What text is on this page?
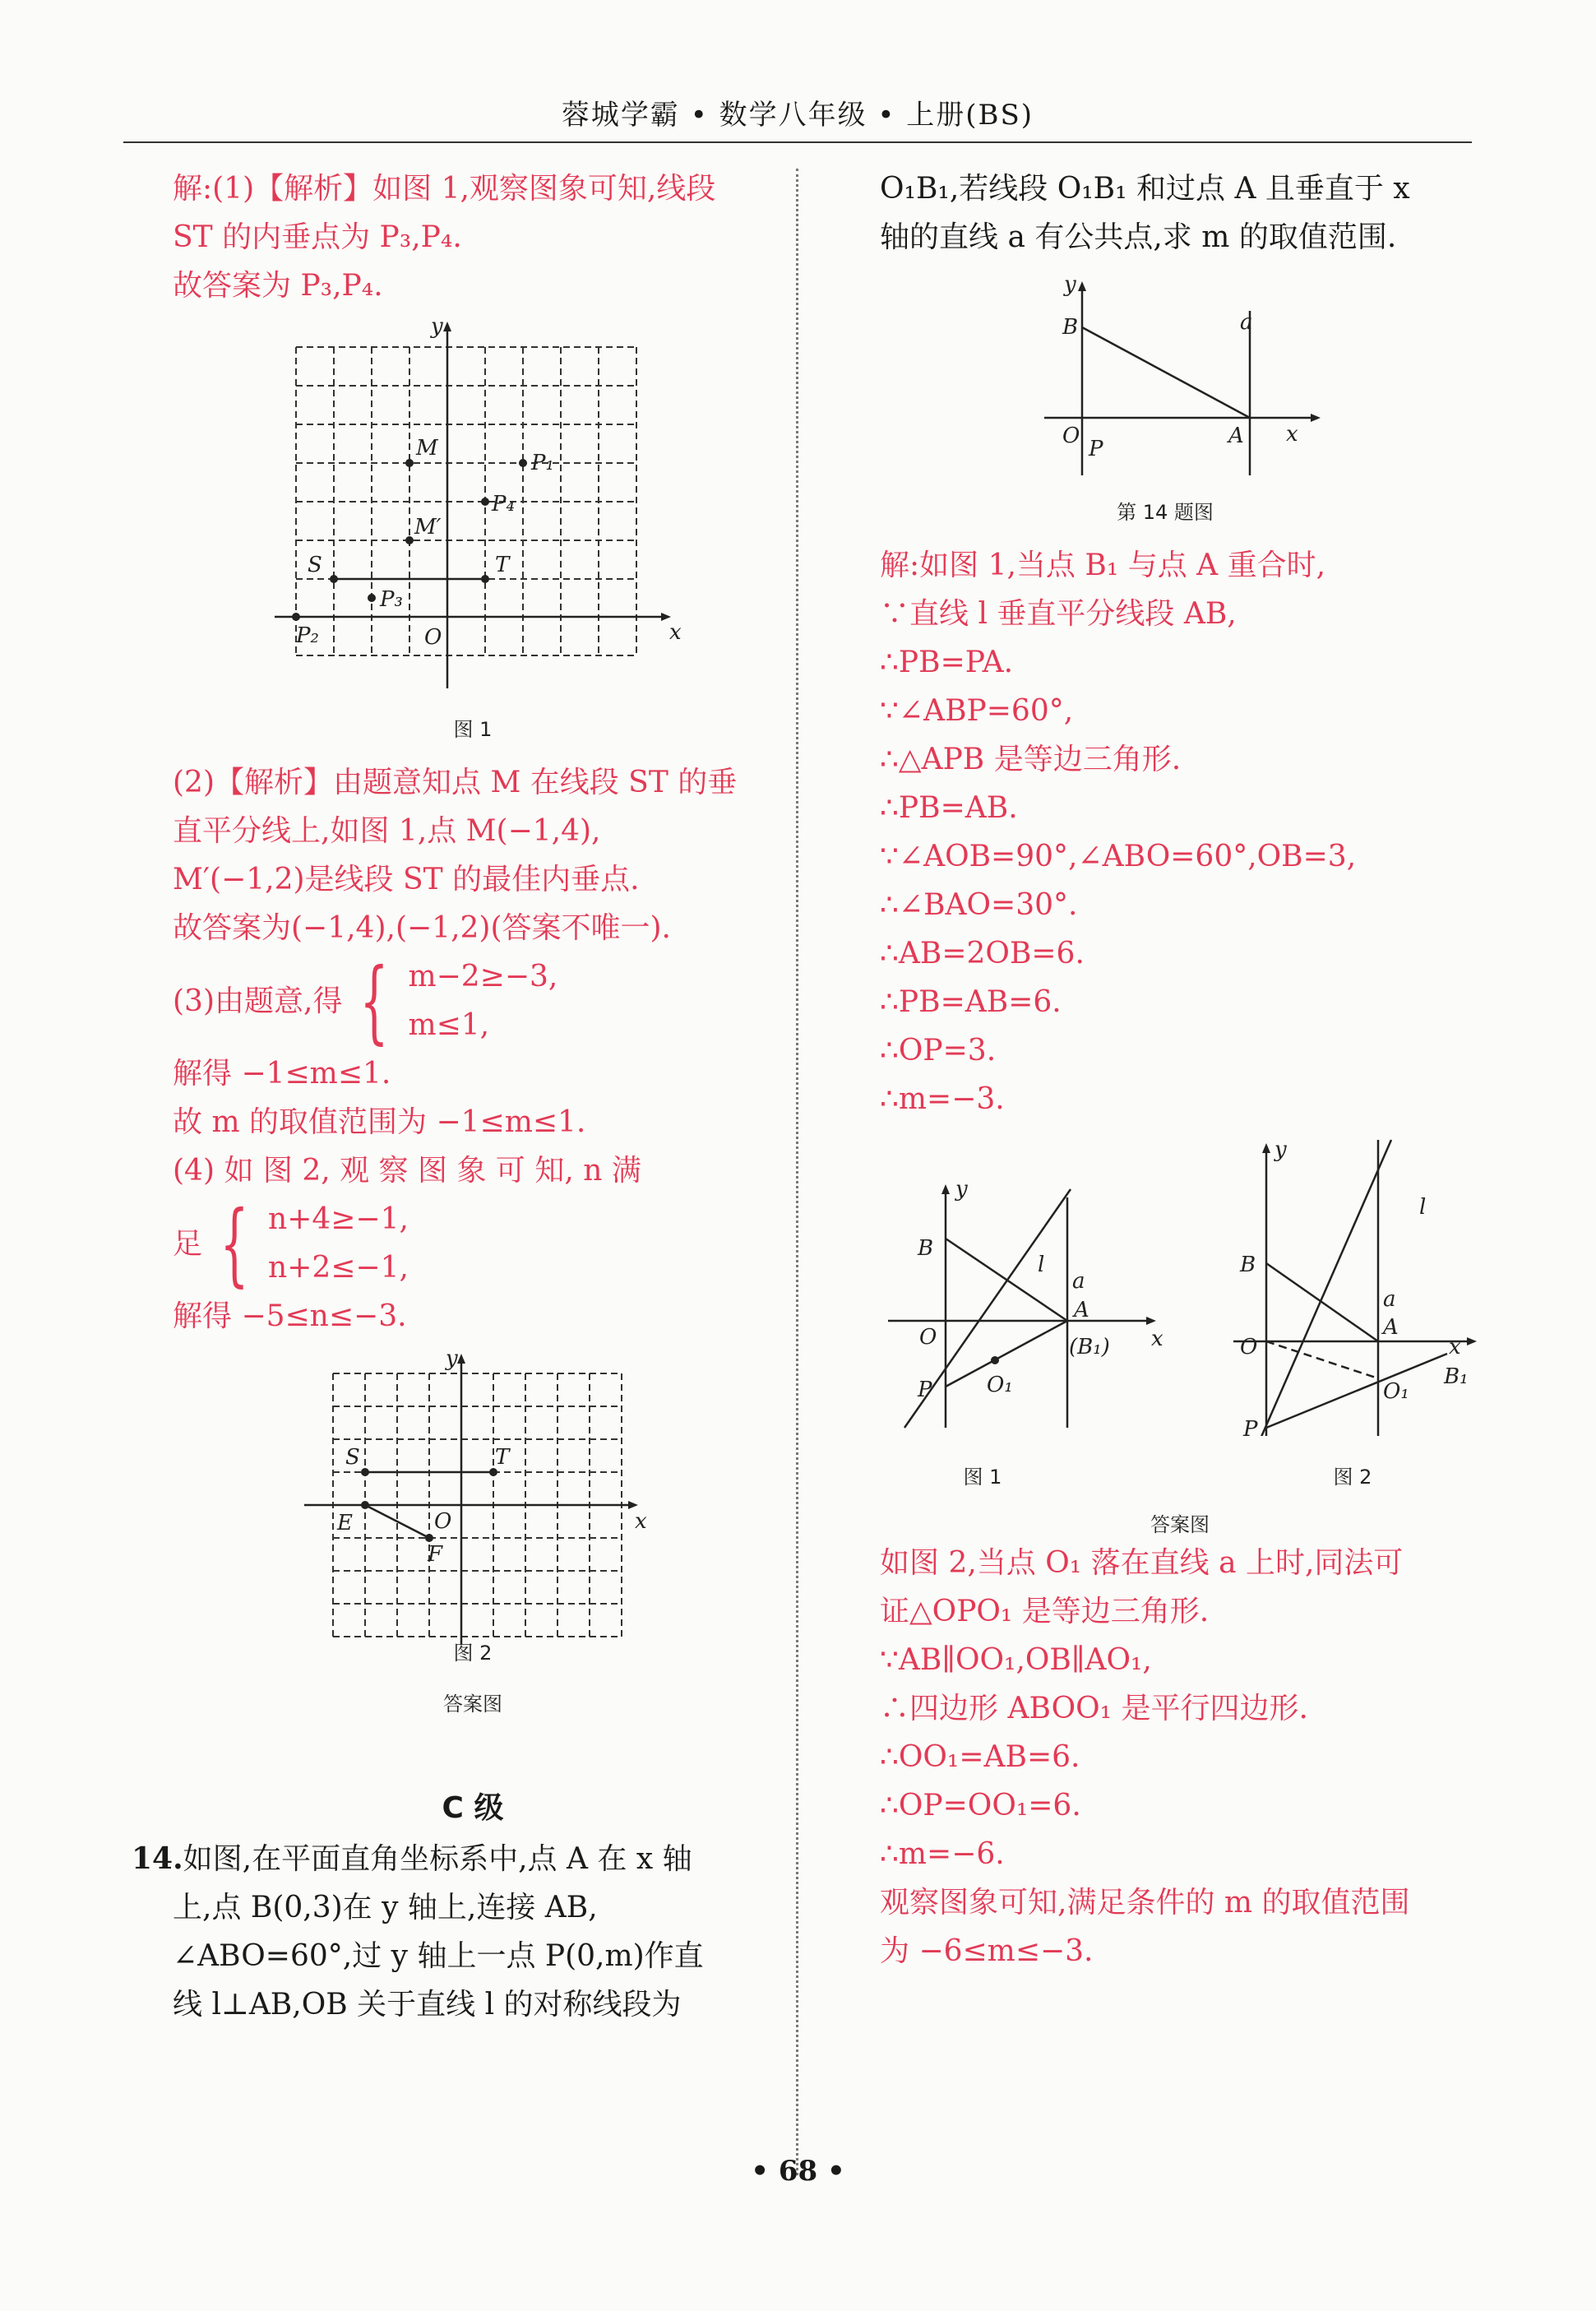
蓉城学霸 • 数学八年级 • 上册(BS)
解:(1)【解析】如图 1,观察图象可知,线段
ST 的内垂点为 P₃,P₄.
故答案为 P₃,P₄.
y
x
O
M
P₁
P₄
M′
S	T
P₃
P₂
图 1
(2)【解析】由题意知点 M 在线段 ST 的垂
直平分线上,如图 1,点 M(−1,4),
M′(−1,2)是线段 ST 的最佳内垂点.
故答案为(−1,4),(−1,2)(答案不唯一).
(3)由题意,得 { m−2≥−3,
m≤1,
解得 −1≤m≤1.
故 m 的取值范围为 −1≤m≤1.
(4) 如 图 2, 观 察 图 象 可 知, n 满
足 { n+4≥−1,
n+2≤−1,
解得 −5≤n≤−3.
y
x
O
S	T
E
F
图 2
答案图
C 级
14.如图,在平面直角坐标系中,点 A 在 x 轴
上,点 B(0,3)在 y 轴上,连接 AB,
∠ABO=60°,过 y 轴上一点 P(0,m)作直
线 l⊥AB,OB 关于直线 l 的对称线段为
O₁B₁,若线段 O₁B₁ 和过点 A 且垂直于 x
轴的直线 a 有公共点,求 m 的取值范围.
y
B	a
O
P
A x
第 14 题图
解:如图 1,当点 B₁ 与点 A 重合时,
∵直线 l 垂直平分线段 AB,
∴PB=PA.
∵∠ABP=60°,
∴△APB 是等边三角形.
∴PB=AB.
∵∠AOB=90°,∠ABO=60°,OB=3,
∴∠BAO=30°.
∴AB=2OB=6.
∴PB=AB=6.
∴OP=3.
∴m=−3.
y
B
l
a
O
A
(B₁) x
P	O₁
y
B
l
a
A
O	x
B₁
O₁
P
图 1	图 2
答案图
如图 2,当点 O₁ 落在直线 a 上时,同法可
证△OPO₁ 是等边三角形.
∵AB∥OO₁,OB∥AO₁,
∴四边形 ABOO₁ 是平行四边形.
∴OO₁=AB=6.
∴OP=OO₁=6.
∴m=−6.
观察图象可知,满足条件的 m 的取值范围
为 −6≤m≤−3.
• 68 •
